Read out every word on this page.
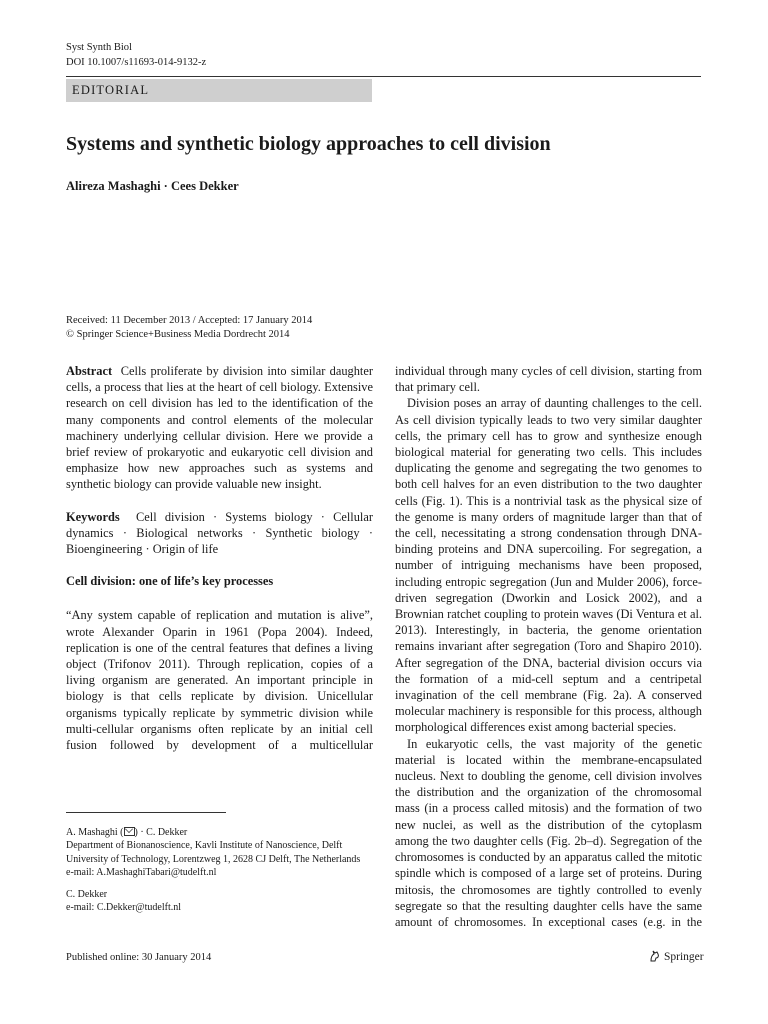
Syst Synth Biol
DOI 10.1007/s11693-014-9132-z
EDITORIAL
Systems and synthetic biology approaches to cell division
Alireza Mashaghi · Cees Dekker
Received: 11 December 2013 / Accepted: 17 January 2014
© Springer Science+Business Media Dordrecht 2014

Abstract Cells proliferate by division into similar daughter cells, a process that lies at the heart of cell biology. Extensive research on cell division has led to the identification of the many components and control elements of the molecular machinery underlying cellular division. Here we provide a brief review of prokaryotic and eukaryotic cell division and emphasize how new approaches such as systems and synthetic biology can provide valuable new insight.

Keywords Cell division · Systems biology · Cellular dynamics · Biological networks · Synthetic biology · Bioengineering · Origin of life

Cell division: one of life’s key processes

“Any system capable of replication and mutation is alive”, wrote Alexander Oparin in 1961 (Popa 2004). Indeed, replication is one of the central features that defines a living object (Trifonov 2011). Through replication, copies of a living organism are generated. An important principle in biology is that cells replicate by division. Unicellular organisms typically replicate by symmetric division while multi-cellular organisms often replicate by an initial cell fusion followed by development of a multicellular

individual through many cycles of cell division, starting from that primary cell.

Division poses an array of daunting challenges to the cell. As cell division typically leads to two very similar daughter cells, the primary cell has to grow and synthesize enough biological material for generating two cells. This includes duplicating the genome and segregating the two genomes to both cell halves for an even distribution to the two daughter cells (Fig. 1). This is a nontrivial task as the physical size of the genome is many orders of magnitude larger than that of the cell, necessitating a strong condensation through DNA-binding proteins and DNA supercoiling. For segregation, a number of intriguing mechanisms have been proposed, including entropic segregation (Jun and Mulder 2006), force-driven segregation (Dworkin and Losick 2002), and a Brownian ratchet coupling to protein waves (Di Ventura et al. 2013). Interestingly, in bacteria, the genome orientation remains invariant after segregation (Toro and Shapiro 2010). After segregation of the DNA, bacterial division occurs via the formation of a mid-cell septum and a centripetal invagination of the cell membrane (Fig. 2a). A conserved molecular machinery is responsible for this process, although morphological differences exist among bacterial species.

In eukaryotic cells, the vast majority of the genetic material is located within the membrane-encapsulated nucleus. Next to doubling the genome, cell division involves the distribution and the organization of the chromosomal mass (in a process called mitosis) and the formation of two new nuclei, as well as the distribution of the cytoplasm among the two daughter cells (Fig. 2b–d). Segregation of the chromosomes is conducted by an apparatus called the mitotic spindle which is composed of a large set of proteins. During mitosis, the chromosomes are tightly controlled to evenly segregate so that the resulting daughter cells have the same amount of chromosomes. In exceptional cases (e.g. in the

A. Mashaghi ( ) · C. Dekker

Department of Bionanoscience, Kavli Institute of Nanoscience, Delft University of Technology, Lorentzweg 1, 2628 CJ Delft, The Netherlands

e-mail: A.MashaghiTabari@tudelft.nl

C. Dekker

e-mail: C.Dekker@tudelft.nl

Published online: 30 January 2014	Springer
